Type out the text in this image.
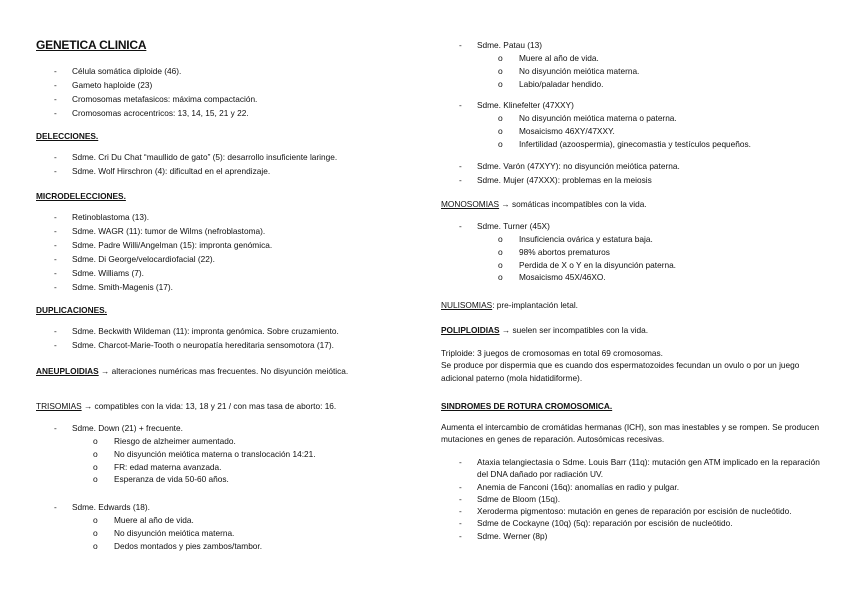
GENETICA CLINICA
- Célula somática diploide (46).
- Gameto haploide (23)
- Cromosomas metafasicos: máxima compactación.
- Cromosomas acrocentricos: 13, 14, 15, 21 y 22.
DELECCIONES.
- Sdme. Cri Du Chat “maullido de gato” (5): desarrollo insuficiente laringe.
- Sdme. Wolf Hirschron (4): dificultad en el aprendizaje.
MICRODELECCIONES.
- Retinoblastoma (13).
- Sdme. WAGR (11): tumor de Wilms (nefroblastoma).
- Sdme. Padre Willi/Angelman (15): impronta genómica.
- Sdme. Di George/velocardiofacial (22).
- Sdme. Williams (7).
- Sdme. Smith-Magenis (17).
DUPLICACIONES.
- Sdme. Beckwith Wildeman (11): impronta genómica. Sobre cruzamiento.
- Sdme. Charcot-Marie-Tooth o neuropatía hereditaria sensomotora (17).
ANEUPLOIDIAS → alteraciones numéricas mas frecuentes. No disyunción meiótica.
TRISOMIAS → compatibles con la vida: 13, 18 y 21 / con mas tasa de aborto: 16.
- Sdme. Down (21) + frecuente.
o Riesgo de alzheimer aumentado.
o No disyunción meiótica materna o translocación 14:21.
o FR: edad materna avanzada.
o Esperanza de vida 50-60 años.
- Sdme. Edwards (18).
o Muere al año de vida.
o No disyunción meiótica materna.
o Dedos montados y pies zambos/tambor.
- Sdme. Patau (13)
o Muere al año de vida.
o No disyunción meiótica materna.
o Labio/paladar hendido.
- Sdme. Klinefelter (47XXY)
o No disyunción meiótica materna o paterna.
o Mosaicismo 46XY/47XXY.
o Infertilidad (azoospermia), ginecomastia y testículos pequeños.
- Sdme. Varón (47XYY): no disyunción meiótica paterna.
- Sdme. Mujer (47XXX): problemas en la meiosis
MONOSOMIAS → somáticas incompatibles con la vida.
- Sdme. Turner (45X)
o Insuficiencia ovárica y estatura baja.
o 98% abortos prematuros
o Perdida de X o Y en la disyunción paterna.
o Mosaicismo 45X/46XO.
NULISOMIAS: pre-implantación letal.
POLIPLOIDIAS → suelen ser incompatibles con la vida.
Triploide: 3 juegos de cromosomas en total 69 cromosomas.
Se produce por dispermia que es cuando dos espermatozoides fecundan un ovulo o por un juego adicional paterno (mola hidatidiforme).
SINDROMES DE ROTURA CROMOSOMICA.
Aumenta el intercambio de cromátidas hermanas (ICH), son mas inestables y se rompen. Se producen mutaciones en genes de reparación. Autosómicas recesivas.
- Ataxia telangiectasia o Sdme. Louis Barr (11q): mutación gen ATM implicado en la reparación del DNA dañado por radiación UV.
- Anemia de Fanconi (16q): anomalías en radio y pulgar.
- Sdme de Bloom (15q).
- Xeroderma pigmentoso: mutación en genes de reparación por escisión de nucleótido.
- Sdme de Cockayne (10q) (5q): reparación por escisión de nucleótido.
- Sdme. Werner (8p)
